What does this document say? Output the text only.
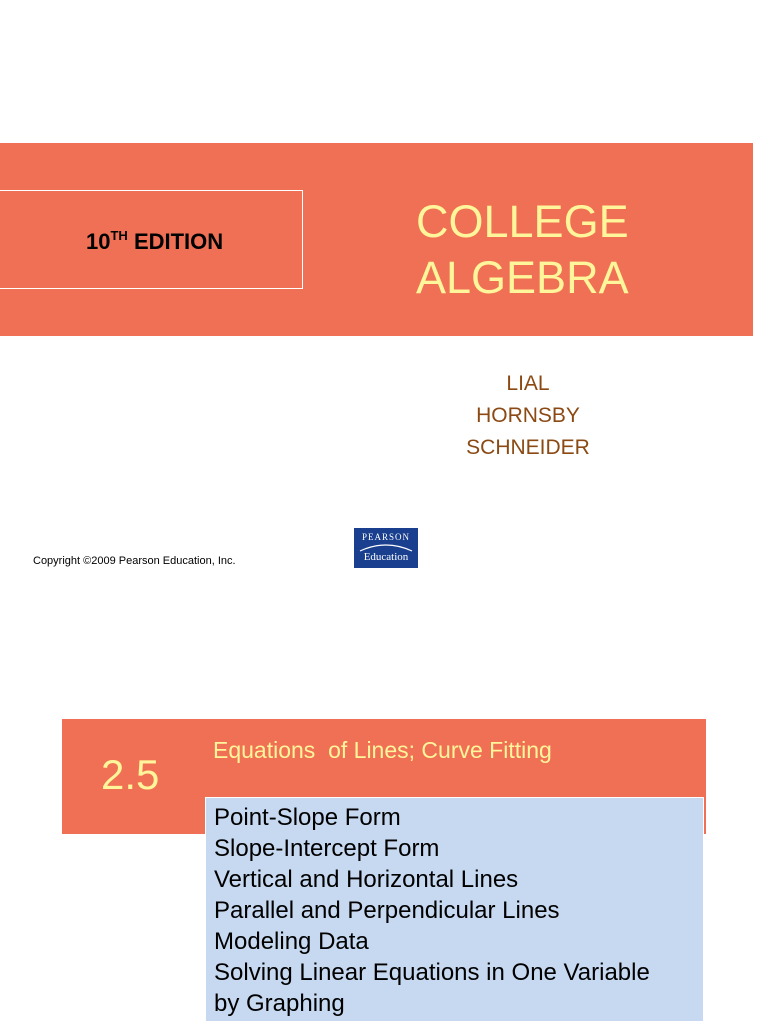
10TH EDITION	COLLEGE
ALGEBRA
LIAL
HORNSBY
SCHNEIDER
Copyright ©2009 Pearson Education, Inc.
PEARSON
Education
2.5
Equations  of Lines; Curve Fitting
Point-Slope Form
Slope-Intercept Form
Vertical and Horizontal Lines
Parallel and Perpendicular Lines
Modeling Data
Solving Linear Equations in One Variable
by Graphing
